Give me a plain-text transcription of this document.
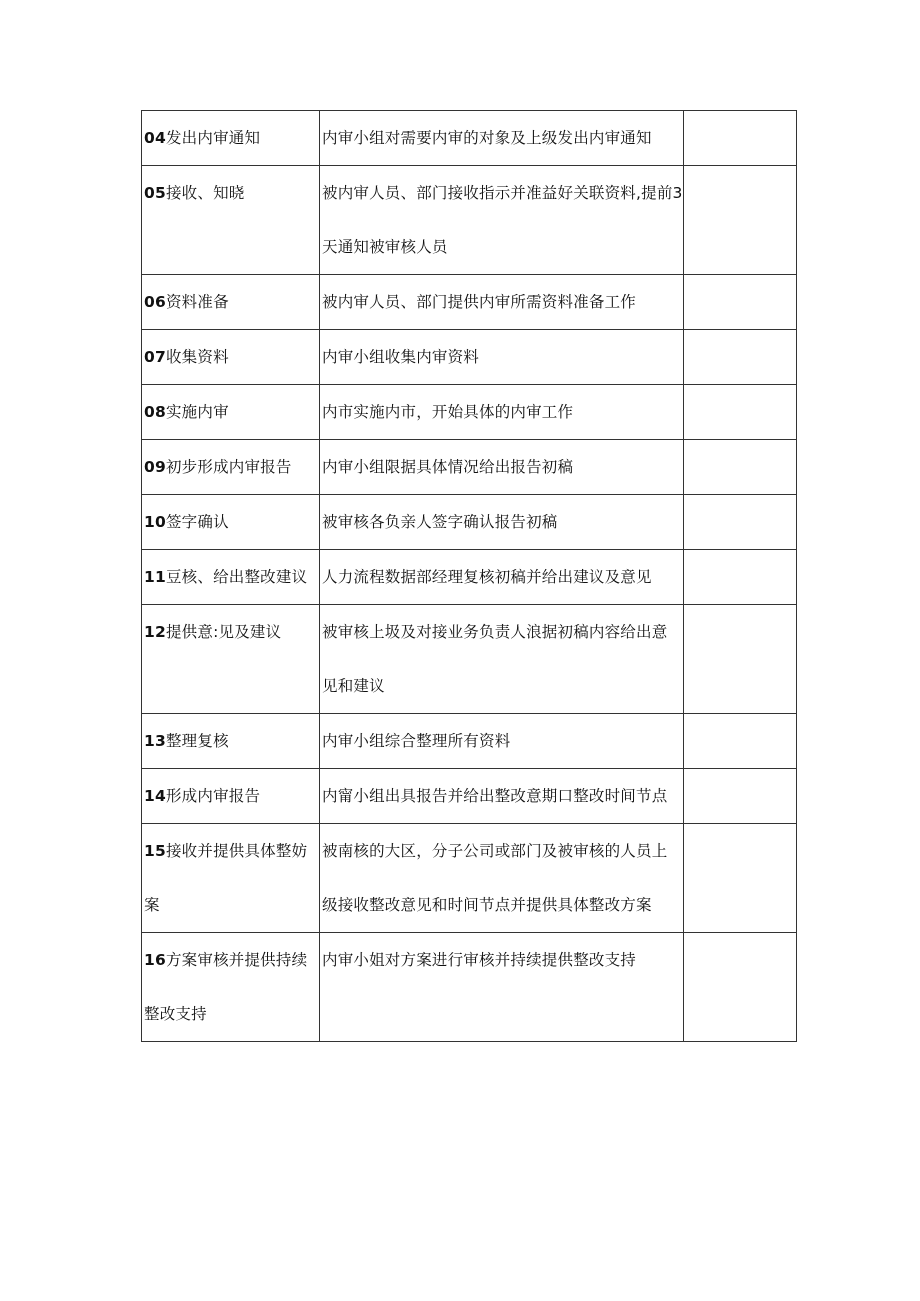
04发出内审通知	内审小组对需要内审的对象及上级发出内审通知	

05接收、知晓	被内审人员、部门接收指示并准益好关联资料,提前3天通知被审核人员	

06资料准备	被内审人员、部门提供内审所需资料准备工作	

07收集资料	内审小组收集内审资料	

08实施内审	内市实施内市，开始具体的内审工作	

09初步形成内审报告	内审小组限据具体情况给出报告初稿	

10签字确认	被审核各负亲人签字确认报告初稿	

11豆核、给出整改建议	人力流程数据部经理复核初稿并给出建议及意见	

12提供意:见及建议	被审核上圾及对接业务负责人浪据初稿内容给出意见和建议	

13整理复核	内审小组综合整理所有资料	

14形成内审报告	内甯小组出具报告并给出整改意期口整改时间节点	

15接收并提供具体整妨案	被南核的大区，分子公司或部门及被审核的人员上级接收整改意见和时间节点并提供具体整改方案	

16方案审核并提供持续整改支持	内审小姐对方案进行审核并持续提供整改支持	
